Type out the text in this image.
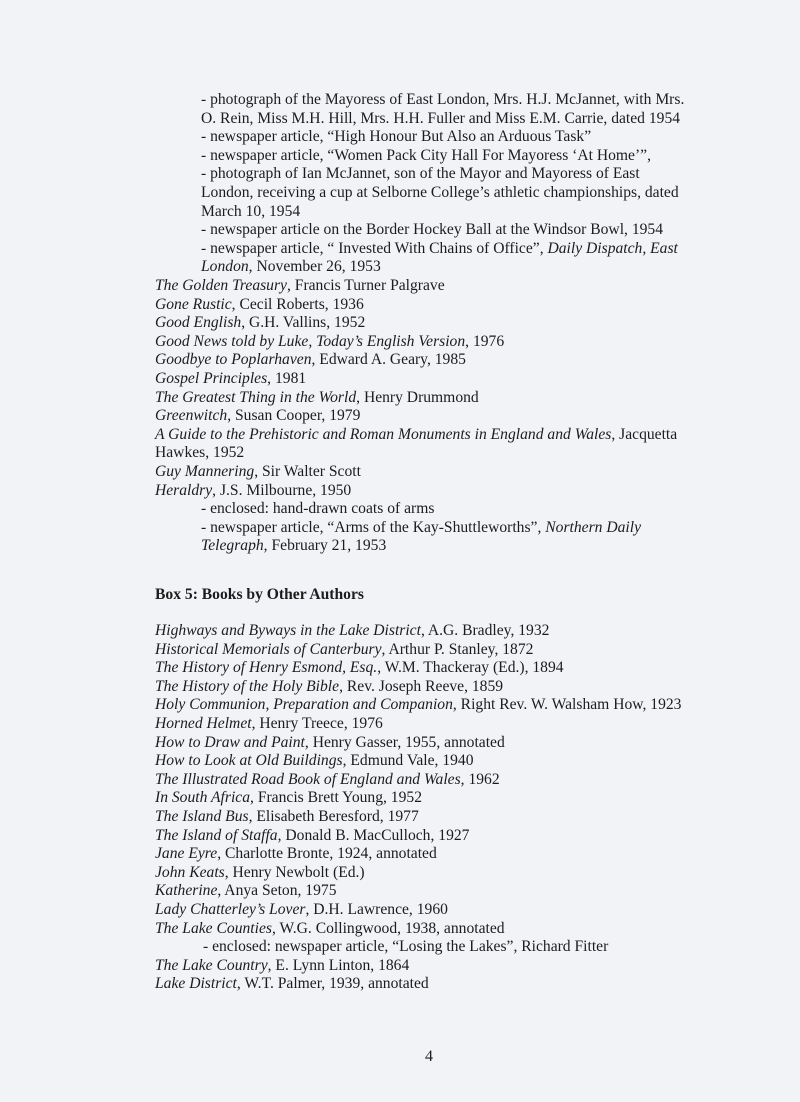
- photograph of the Mayoress of East London, Mrs. H.J. McJannet, with Mrs.
O. Rein, Miss M.H. Hill, Mrs. H.H. Fuller and Miss E.M. Carrie, dated 1954
- newspaper article, “High Honour But Also an Arduous Task”
- newspaper article, “Women Pack City Hall For Mayoress ‘At Home’”,
- photograph of Ian McJannet, son of the Mayor and Mayoress of East
London, receiving a cup at Selborne College’s athletic championships, dated
March 10, 1954
- newspaper article on the Border Hockey Ball at the Windsor Bowl, 1954
- newspaper article, “ Invested With Chains of Office”, Daily Dispatch, East
London, November 26, 1953
The Golden Treasury, Francis Turner Palgrave
Gone Rustic, Cecil Roberts, 1936
Good English, G.H. Vallins, 1952
Good News told by Luke, Today’s English Version, 1976
Goodbye to Poplarhaven, Edward A. Geary, 1985
Gospel Principles, 1981
The Greatest Thing in the World, Henry Drummond
Greenwitch, Susan Cooper, 1979
A Guide to the Prehistoric and Roman Monuments in England and Wales, Jacquetta
Hawkes, 1952
Guy Mannering, Sir Walter Scott
Heraldry, J.S. Milbourne, 1950
- enclosed: hand-drawn coats of arms
- newspaper article, “Arms of the Kay-Shuttleworths”, Northern Daily
Telegraph, February 21, 1953
Box 5: Books by Other Authors
Highways and Byways in the Lake District, A.G. Bradley, 1932
Historical Memorials of Canterbury, Arthur P. Stanley, 1872
The History of Henry Esmond, Esq., W.M. Thackeray (Ed.), 1894
The History of the Holy Bible, Rev. Joseph Reeve, 1859
Holy Communion, Preparation and Companion, Right Rev. W. Walsham How, 1923
Horned Helmet, Henry Treece, 1976
How to Draw and Paint, Henry Gasser, 1955, annotated
How to Look at Old Buildings, Edmund Vale, 1940
The Illustrated Road Book of England and Wales, 1962
In South Africa, Francis Brett Young, 1952
The Island Bus, Elisabeth Beresford, 1977
The Island of Staffa, Donald B. MacCulloch, 1927
Jane Eyre, Charlotte Bronte, 1924, annotated
John Keats, Henry Newbolt (Ed.)
Katherine, Anya Seton, 1975
Lady Chatterley’s Lover, D.H. Lawrence, 1960
The Lake Counties, W.G. Collingwood, 1938, annotated
- enclosed: newspaper article, “Losing the Lakes”, Richard Fitter
The Lake Country, E. Lynn Linton, 1864
Lake District, W.T. Palmer, 1939, annotated
4
